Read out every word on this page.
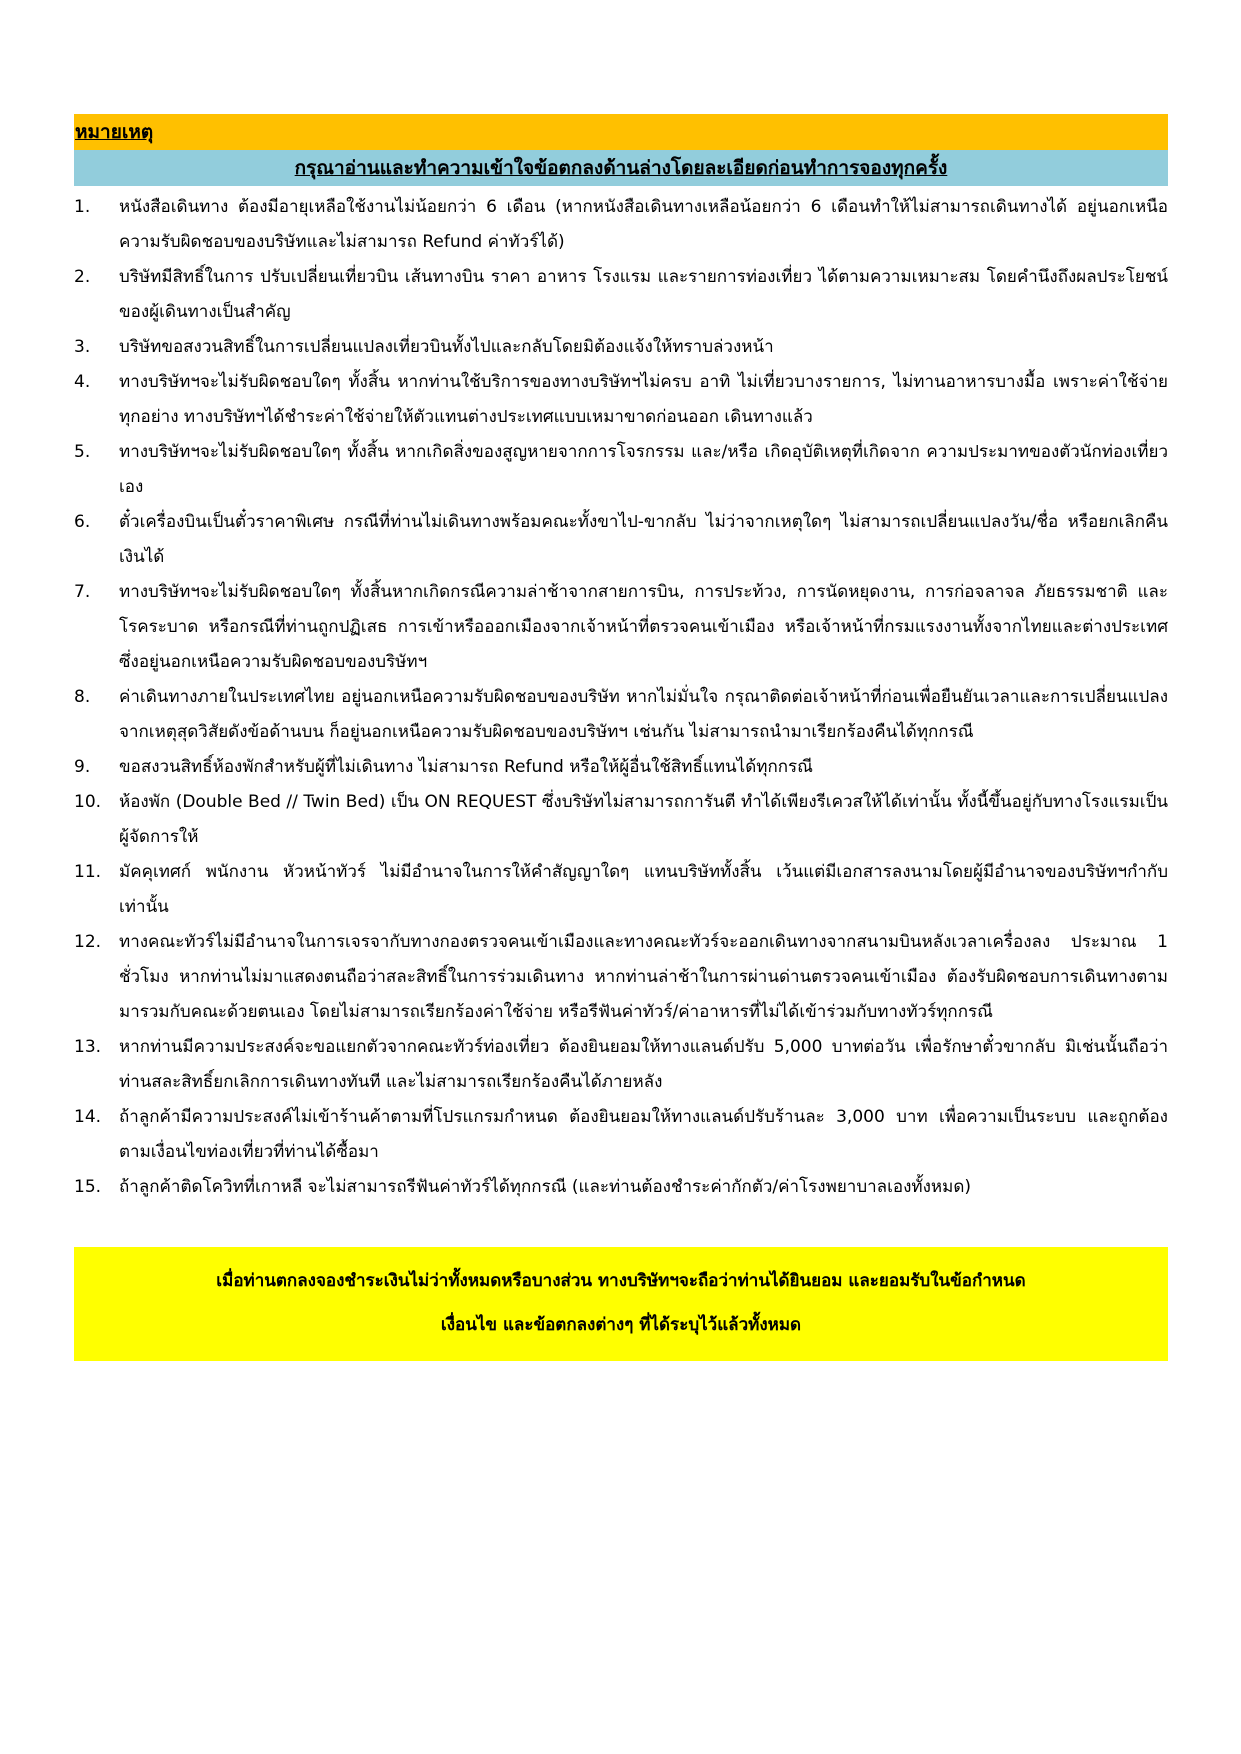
หมายเหตุ
กรุณาอ่านและทำความเข้าใจข้อตกลงด้านล่างโดยละเอียดก่อนทำการจองทุกครั้ง
1.	หนังสือเดินทาง ต้องมีอายุเหลือใช้งานไม่น้อยกว่า 6 เดือน (หากหนังสือเดินทางเหลือน้อยกว่า 6 เดือนทำให้ไม่สามารถเดินทางได้ อยู่นอกเหนือความรับผิดชอบของบริษัทและไม่สามารถ Refund ค่าทัวร์ได้)
2.	บริษัทมีสิทธิ์ในการ ปรับเปลี่ยนเที่ยวบิน เส้นทางบิน ราคา อาหาร โรงแรม และรายการท่องเที่ยว ได้ตามความเหมาะสม โดยคำนึงถึงผลประโยชน์ของผู้เดินทางเป็นสำคัญ
3.	บริษัทขอสงวนสิทธิ์ในการเปลี่ยนแปลงเที่ยวบินทั้งไปและกลับโดยมิต้องแจ้งให้ทราบล่วงหน้า
4.	ทางบริษัทฯจะไม่รับผิดชอบใดๆ ทั้งสิ้น หากท่านใช้บริการของทางบริษัทฯไม่ครบ อาทิ ไม่เที่ยวบางรายการ, ไม่ทานอาหารบางมื้อ เพราะค่าใช้จ่ายทุกอย่าง ทางบริษัทฯได้ชำระค่าใช้จ่ายให้ตัวแทนต่างประเทศแบบเหมาขาดก่อนออก เดินทางแล้ว
5.	ทางบริษัทฯจะไม่รับผิดชอบใดๆ ทั้งสิ้น หากเกิดสิ่งของสูญหายจากการโจรกรรม และ/หรือ เกิดอุบัติเหตุที่เกิดจาก ความประมาทของตัวนักท่องเที่ยวเอง
6.	ตั๋วเครื่องบินเป็นตั๋วราคาพิเศษ กรณีที่ท่านไม่เดินทางพร้อมคณะทั้งขาไป-ขากลับ ไม่ว่าจากเหตุใดๆ ไม่สามารถเปลี่ยนแปลงวัน/ชื่อ หรือยกเลิกคืนเงินได้
7.	ทางบริษัทฯจะไม่รับผิดชอบใดๆ ทั้งสิ้นหากเกิดกรณีความล่าช้าจากสายการบิน, การประท้วง, การนัดหยุดงาน, การก่อจลาจล ภัยธรรมชาติ และโรคระบาด หรือกรณีที่ท่านถูกปฏิเสธ การเข้าหรือออกเมืองจากเจ้าหน้าที่ตรวจคนเข้าเมือง หรือเจ้าหน้าที่กรมแรงงานทั้งจากไทยและต่างประเทศซึ่งอยู่นอกเหนือความรับผิดชอบของบริษัทฯ
8.	ค่าเดินทางภายในประเทศไทย อยู่นอกเหนือความรับผิดชอบของบริษัท หากไม่มั่นใจ กรุณาติดต่อเจ้าหน้าที่ก่อนเพื่อยืนยันเวลาและการเปลี่ยนแปลงจากเหตุสุดวิสัยดังข้อด้านบน ก็อยู่นอกเหนือความรับผิดชอบของบริษัทฯ เช่นกัน ไม่สามารถนำมาเรียกร้องคืนได้ทุกกรณี
9.	ขอสงวนสิทธิ์ห้องพักสำหรับผู้ที่ไม่เดินทาง ไม่สามารถ Refund หรือให้ผู้อื่นใช้สิทธิ์แทนได้ทุกกรณี
10.	ห้องพัก (Double Bed // Twin Bed) เป็น ON REQUEST ซึ่งบริษัทไม่สามารถการันตี ทำได้เพียงรีเควสให้ได้เท่านั้น ทั้งนี้ขึ้นอยู่กับทางโรงแรมเป็นผู้จัดการให้
11.	มัคคุเทศก์ พนักงาน หัวหน้าทัวร์ ไม่มีอำนาจในการให้คำสัญญาใดๆ แทนบริษัททั้งสิ้น เว้นแต่มีเอกสารลงนามโดยผู้มีอำนาจของบริษัทฯกำกับเท่านั้น
12.	ทางคณะทัวร์ไม่มีอำนาจในการเจรจากับทางกองตรวจคนเข้าเมืองและทางคณะทัวร์จะออกเดินทางจากสนามบินหลังเวลาเครื่องลง ประมาณ 1 ชั่วโมง หากท่านไม่มาแสดงตนถือว่าสละสิทธิ์ในการร่วมเดินทาง หากท่านล่าช้าในการผ่านด่านตรวจคนเข้าเมือง ต้องรับผิดชอบการเดินทางตามมารวมกับคณะด้วยตนเอง โดยไม่สามารถเรียกร้องค่าใช้จ่าย หรือรีฟันค่าทัวร์/ค่าอาหารที่ไม่ได้เข้าร่วมกับทางทัวร์ทุกกรณี
13.	หากท่านมีความประสงค์จะขอแยกตัวจากคณะทัวร์ท่องเที่ยว ต้องยินยอมให้ทางแลนด์ปรับ 5,000 บาทต่อวัน เพื่อรักษาตั๋วขากลับ มิเช่นนั้นถือว่าท่านสละสิทธิ์ยกเลิกการเดินทางทันที และไม่สามารถเรียกร้องคืนได้ภายหลัง
14.	ถ้าลูกค้ามีความประสงค์ไม่เข้าร้านค้าตามที่โปรแกรมกำหนด ต้องยินยอมให้ทางแลนด์ปรับร้านละ 3,000 บาท เพื่อความเป็นระบบ และถูกต้องตามเงื่อนไขท่องเที่ยวที่ท่านได้ซื้อมา
15.	ถ้าลูกค้าติดโควิทที่เกาหลี จะไม่สามารถรีฟันค่าทัวร์ได้ทุกกรณี (และท่านต้องชำระค่ากักตัว/ค่าโรงพยาบาลเองทั้งหมด)
เมื่อท่านตกลงจองชำระเงินไม่ว่าทั้งหมดหรือบางส่วน ทางบริษัทฯจะถือว่าท่านได้ยินยอม และยอมรับในข้อกำหนด
เงื่อนไข และข้อตกลงต่างๆ ที่ได้ระบุไว้แล้วทั้งหมด
